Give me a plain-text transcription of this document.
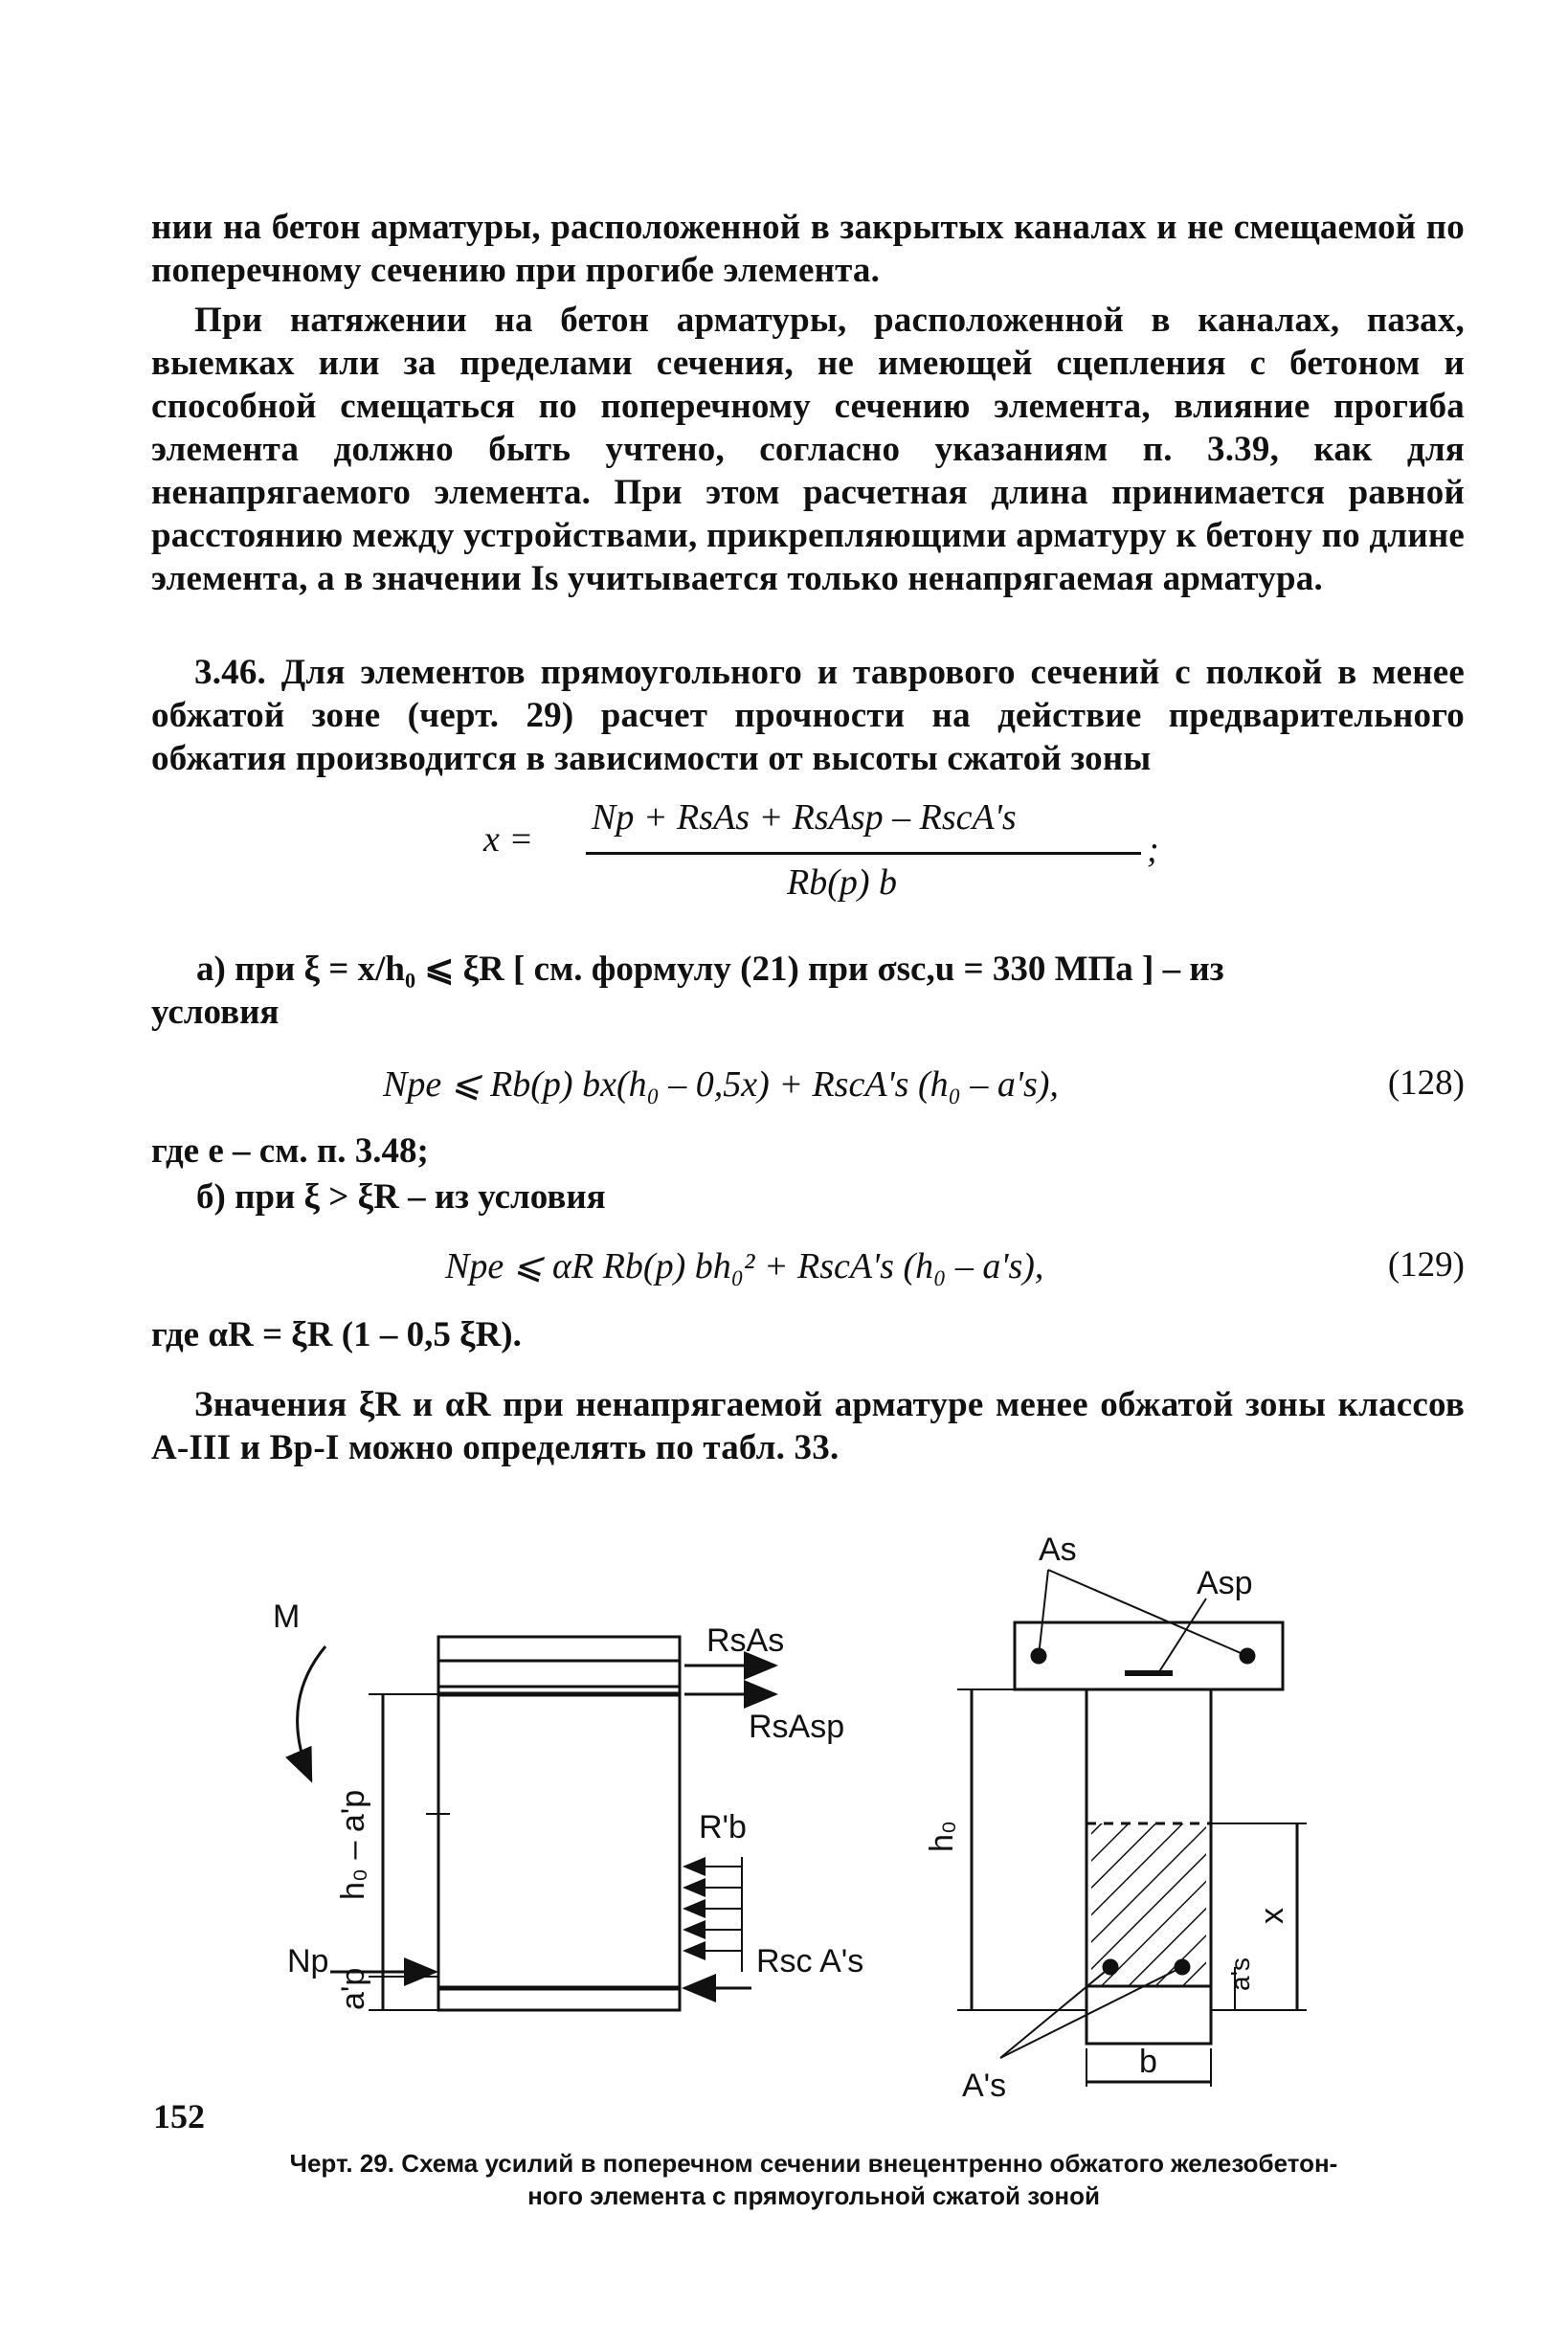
нии на бетон арматуры, расположенной в закрытых каналах и не смещаемой по поперечному сечению при прогибе элемента.

При натяжении на бетон арматуры, расположенной в каналах, пазах, выемках или за пределами сечения, не имеющей сцепления с бетоном и способной смещаться по поперечному сечению элемента, влияние прогиба элемента должно быть учтено, согласно указаниям п. 3.39, как для ненапрягаемого элемента. При этом расчетная длина принимается равной расстоянию между устройствами, прикрепляющими арматуру к бетону по длине элемента, а в значении Is учитывается только ненапрягаемая арматура.

3.46. Для элементов прямоугольного и таврового сечений с полкой в менее обжатой зоне (черт. 29) расчет прочности на действие предварительного обжатия производится в зависимости от высоты сжатой зоны

x =
Np + RsAs + RsAsp – RscA's
Rb(p) b
;
а) при ξ = x/h₀ ⩽ ξR [ см. формулу (21) при σsc,u = 330 МПа ] – из
условия
Npe ⩽ Rb(p) bx(h₀ – 0,5x) + RscA's (h₀ – a's),	(128)
где e – см. п. 3.48;
б) при ξ > ξR – из условия
Npe ⩽ αR Rb(p) bh₀² + RscA's (h₀ – a's),	(129)
где αR = ξR (1 – 0,5 ξR).

Значения ξR и αR при ненапрягаемой арматуре менее обжатой зоны классов A-III и Вр-I можно определять по табл. 33.

M
Np
h₀ – a'p
a'p
RsAs
RsAsp
R'b
Rsc A's
As
Asp
h₀
a's
x
A's
b
Черт. 29. Схема усилий в поперечном сечении внецентренно обжатого железобетон-
ного элемента с прямоугольной сжатой зоной
152
